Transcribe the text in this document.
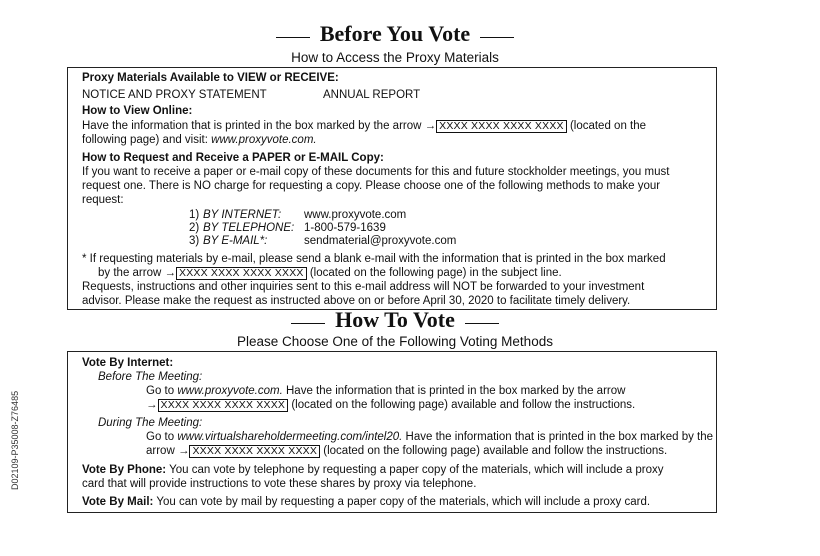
Before You Vote
How to Access the Proxy Materials
Proxy Materials Available to VIEW or RECEIVE:
NOTICE AND PROXY STATEMENT	ANNUAL REPORT
How to View Online:
Have the information that is printed in the box marked by the arrow → XXXX XXXX XXXX XXXX (located on the
following page) and visit: www.proxyvote.com.
How to Request and Receive a PAPER or E-MAIL Copy:
If you want to receive a paper or e-mail copy of these documents for this and future stockholder meetings, you must
request one. There is NO charge for requesting a copy. Please choose one of the following methods to make your
request:
1) BY INTERNET: www.proxyvote.com
2) BY TELEPHONE: 1-800-579-1639
3) BY E-MAIL*:	sendmaterial@proxyvote.com
* If requesting materials by e-mail, please send a blank e-mail with the information that is printed in the box marked
by the arrow → XXXX XXXX XXXX XXXX (located on the following page) in the subject line.
Requests, instructions and other inquiries sent to this e-mail address will NOT be forwarded to your investment
advisor. Please make the request as instructed above on or before April 30, 2020 to facilitate timely delivery.
How To Vote
Please Choose One of the Following Voting Methods
Vote By Internet:
Before The Meeting:
Go to www.proxyvote.com. Have the information that is printed in the box marked by the arrow
→ XXXX XXXX XXXX XXXX (located on the following page) available and follow the instructions.
During The Meeting:
Go to www.virtualshareholdermeeting.com/intel20. Have the information that is printed in the box marked by the
arrow → XXXX XXXX XXXX XXXX (located on the following page) available and follow the instructions.
Vote By Phone: You can vote by telephone by requesting a paper copy of the materials, which will include a proxy
card that will provide instructions to vote these shares by proxy via telephone.
Vote By Mail: You can vote by mail by requesting a paper copy of the materials, which will include a proxy card.
D02109-P35008-Z76485
